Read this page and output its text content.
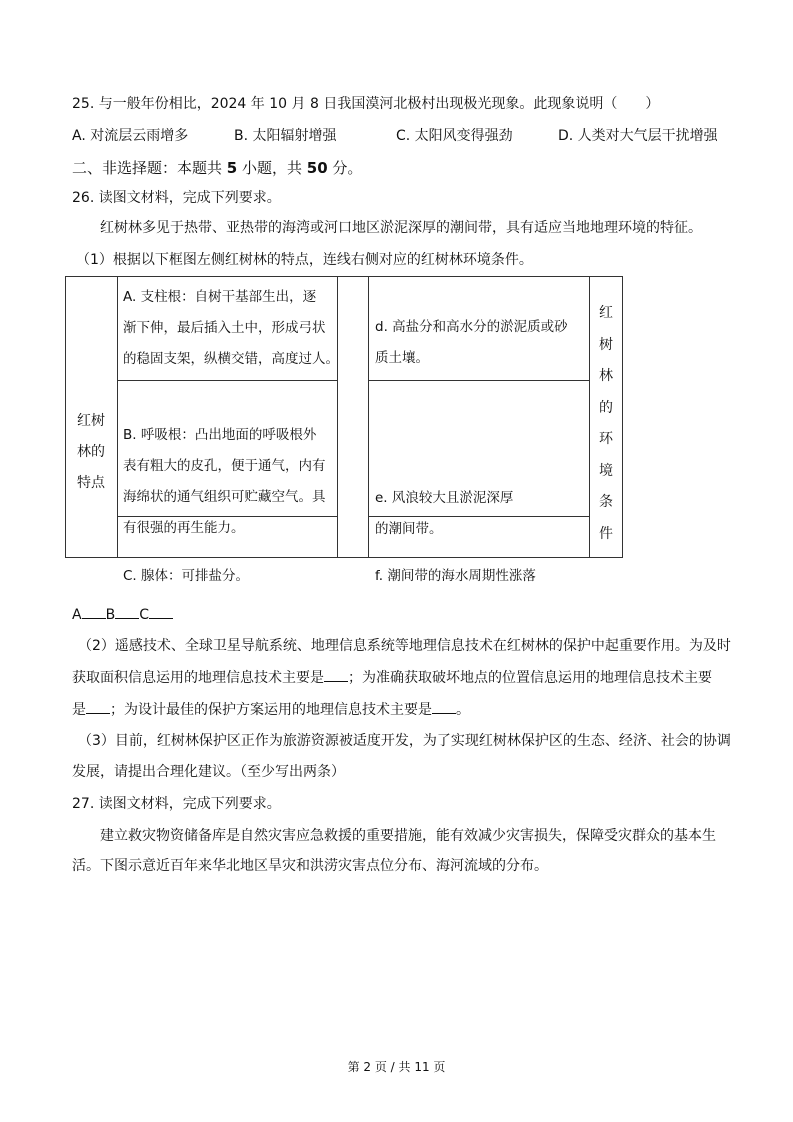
25. 与一般年份相比，2024 年 10 月 8 日我国漠河北极村出现极光现象。此现象说明（　　）
A. 对流层云雨增多	B. 太阳辐射增强	C. 太阳风变得强劲	D. 人类对大气层干扰增强
二、非选择题：本题共 5 小题，共 50 分。
26. 读图文材料，完成下列要求。
红树林多见于热带、亚热带的海湾或河口地区淤泥深厚的潮间带，具有适应当地地理环境的特征。
（1）根据以下框图左侧红树林的特点，连线右侧对应的红树林环境条件。
红树
林的
特点
A. 支柱根：自树干基部生出，逐
渐下伸，最后插入土中，形成弓状
的稳固支架，纵横交错，高度过人。
B. 呼吸根：凸出地面的呼吸根外
表有粗大的皮孔，便于通气，内有
海绵状的通气组织可贮藏空气。具
有很强的再生能力。
C. 腺体：可排盐分。
d. 高盐分和高水分的淤泥质或砂
质土壤。
e. 风浪较大且淤泥深厚
的潮间带。
f. 潮间带的海水周期性涨落
红
树
林
的
环
境
条
件
A B C
（2）遥感技术、全球卫星导航系统、地理信息系统等地理信息技术在红树林的保护中起重要作用。为及时
获取面积信息运用的地理信息技术主要是 ；为准确获取破坏地点的位置信息运用的地理信息技术主要
是 ；为设计最佳的保护方案运用的地理信息技术主要是 。
（3）目前，红树林保护区正作为旅游资源被适度开发，为了实现红树林保护区的生态、经济、社会的协调
发展，请提出合理化建议。（至少写出两条）
27. 读图文材料，完成下列要求。
建立救灾物资储备库是自然灾害应急救援的重要措施，能有效减少灾害损失，保障受灾群众的基本生
活。下图示意近百年来华北地区旱灾和洪涝灾害点位分布、海河流域的分布。
第 2 页 / 共 11 页
